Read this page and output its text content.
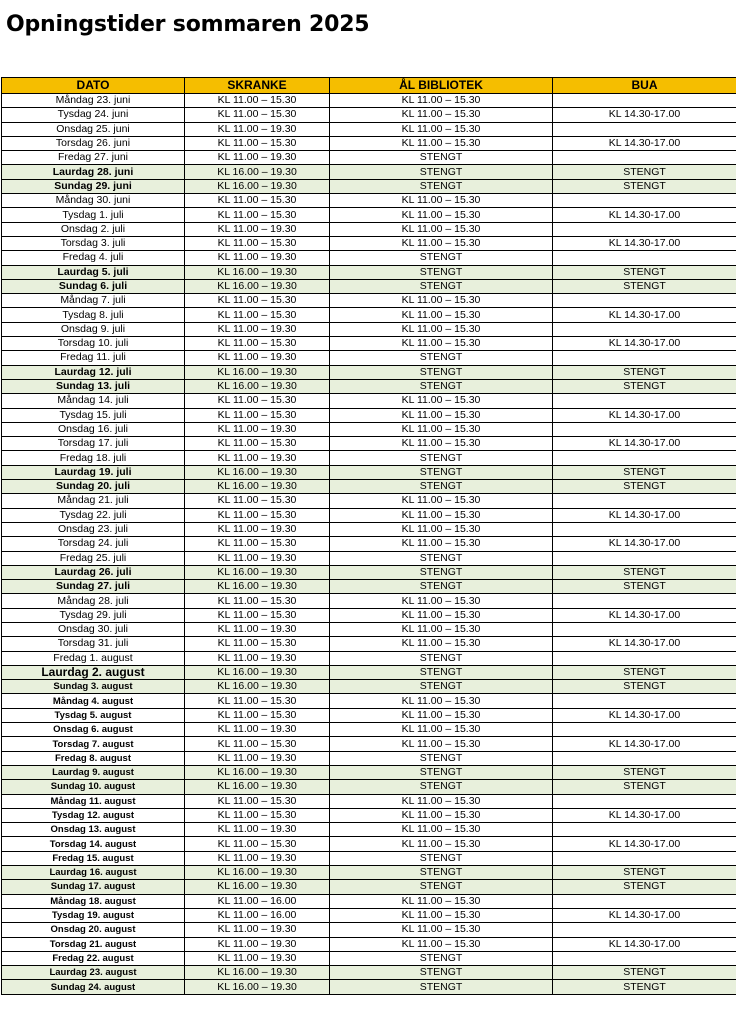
Opningstider sommaren 2025
DATO	SKRANKE	ÅL BIBLIOTEK	BUA
Måndag 23. juni	KL 11.00 – 15.30	KL 11.00 – 15.30	
Tysdag 24. juni	KL 11.00 – 15.30	KL 11.00 – 15.30	KL 14.30-17.00
Onsdag 25. juni	KL 11.00 – 19.30	KL 11.00 – 15.30	
Torsdag 26. juni	KL 11.00 – 15.30	KL 11.00 – 15.30	KL 14.30-17.00
Fredag 27. juni	KL 11.00 – 19.30	STENGT	
Laurdag 28. juni	KL 16.00 – 19.30	STENGT	STENGT
Sundag 29. juni	KL 16.00 – 19.30	STENGT	STENGT
Måndag 30. juni	KL 11.00 – 15.30	KL 11.00 – 15.30	
Tysdag 1. juli	KL 11.00 – 15.30	KL 11.00 – 15.30	KL 14.30-17.00
Onsdag 2. juli	KL 11.00 – 19.30	KL 11.00 – 15.30	
Torsdag 3. juli	KL 11.00 – 15.30	KL 11.00 – 15.30	KL 14.30-17.00
Fredag 4. juli	KL 11.00 – 19.30	STENGT	
Laurdag 5. juli	KL 16.00 – 19.30	STENGT	STENGT
Sundag 6. juli	KL 16.00 – 19.30	STENGT	STENGT
Måndag 7. juli	KL 11.00 – 15.30	KL 11.00 – 15.30	
Tysdag 8. juli	KL 11.00 – 15.30	KL 11.00 – 15.30	KL 14.30-17.00
Onsdag 9. juli	KL 11.00 – 19.30	KL 11.00 – 15.30	
Torsdag 10. juli	KL 11.00 – 15.30	KL 11.00 – 15.30	KL 14.30-17.00
Fredag 11. juli	KL 11.00 – 19.30	STENGT	
Laurdag 12. juli	KL 16.00 – 19.30	STENGT	STENGT
Sundag 13. juli	KL 16.00 – 19.30	STENGT	STENGT
Måndag 14. juli	KL 11.00 – 15.30	KL 11.00 – 15.30	
Tysdag 15. juli	KL 11.00 – 15.30	KL 11.00 – 15.30	KL 14.30-17.00
Onsdag 16. juli	KL 11.00 – 19.30	KL 11.00 – 15.30	
Torsdag 17. juli	KL 11.00 – 15.30	KL 11.00 – 15.30	KL 14.30-17.00
Fredag 18. juli	KL 11.00 – 19.30	STENGT	
Laurdag 19. juli	KL 16.00 – 19.30	STENGT	STENGT
Sundag 20. juli	KL 16.00 – 19.30	STENGT	STENGT
Måndag 21. juli	KL 11.00 – 15.30	KL 11.00 – 15.30	
Tysdag 22. juli	KL 11.00 – 15.30	KL 11.00 – 15.30	KL 14.30-17.00
Onsdag 23. juli	KL 11.00 – 19.30	KL 11.00 – 15.30	
Torsdag 24. juli	KL 11.00 – 15.30	KL 11.00 – 15.30	KL 14.30-17.00
Fredag 25. juli	KL 11.00 – 19.30	STENGT	
Laurdag 26. juli	KL 16.00 – 19.30	STENGT	STENGT
Sundag 27. juli	KL 16.00 – 19.30	STENGT	STENGT
Måndag 28. juli	KL 11.00 – 15.30	KL 11.00 – 15.30	
Tysdag 29. juli	KL 11.00 – 15.30	KL 11.00 – 15.30	KL 14.30-17.00
Onsdag 30. juli	KL 11.00 – 19.30	KL 11.00 – 15.30	
Torsdag 31. juli	KL 11.00 – 15.30	KL 11.00 – 15.30	KL 14.30-17.00
Fredag 1. august	KL 11.00 – 19.30	STENGT	
Laurdag 2. august	KL 16.00 – 19.30	STENGT	STENGT
Sundag 3. august	KL 16.00 – 19.30	STENGT	STENGT
Måndag 4. august	KL 11.00 – 15.30	KL 11.00 – 15.30	
Tysdag 5. august	KL 11.00 – 15.30	KL 11.00 – 15.30	KL 14.30-17.00
Onsdag 6. august	KL 11.00 – 19.30	KL 11.00 – 15.30	
Torsdag 7. august	KL 11.00 – 15.30	KL 11.00 – 15.30	KL 14.30-17.00
Fredag 8. august	KL 11.00 – 19.30	STENGT	
Laurdag 9. august	KL 16.00 – 19.30	STENGT	STENGT
Sundag 10. august	KL 16.00 – 19.30	STENGT	STENGT
Måndag 11. august	KL 11.00 – 15.30	KL 11.00 – 15.30	
Tysdag 12. august	KL 11.00 – 15.30	KL 11.00 – 15.30	KL 14.30-17.00
Onsdag 13. august	KL 11.00 – 19.30	KL 11.00 – 15.30	
Torsdag 14. august	KL 11.00 – 15.30	KL 11.00 – 15.30	KL 14.30-17.00
Fredag 15. august	KL 11.00 – 19.30	STENGT	
Laurdag 16. august	KL 16.00 – 19.30	STENGT	STENGT
Sundag 17. august	KL 16.00 – 19.30	STENGT	STENGT
Måndag 18. august	KL 11.00 – 16.00	KL 11.00 – 15.30	
Tysdag 19. august	KL 11.00 – 16.00	KL 11.00 – 15.30	KL 14.30-17.00
Onsdag 20. august	KL 11.00 – 19.30	KL 11.00 – 15.30	
Torsdag 21. august	KL 11.00 – 19.30	KL 11.00 – 15.30	KL 14.30-17.00
Fredag 22. august	KL 11.00 – 19.30	STENGT	
Laurdag 23. august	KL 16.00 – 19.30	STENGT	STENGT
Sundag 24. august	KL 16.00 – 19.30	STENGT	STENGT
